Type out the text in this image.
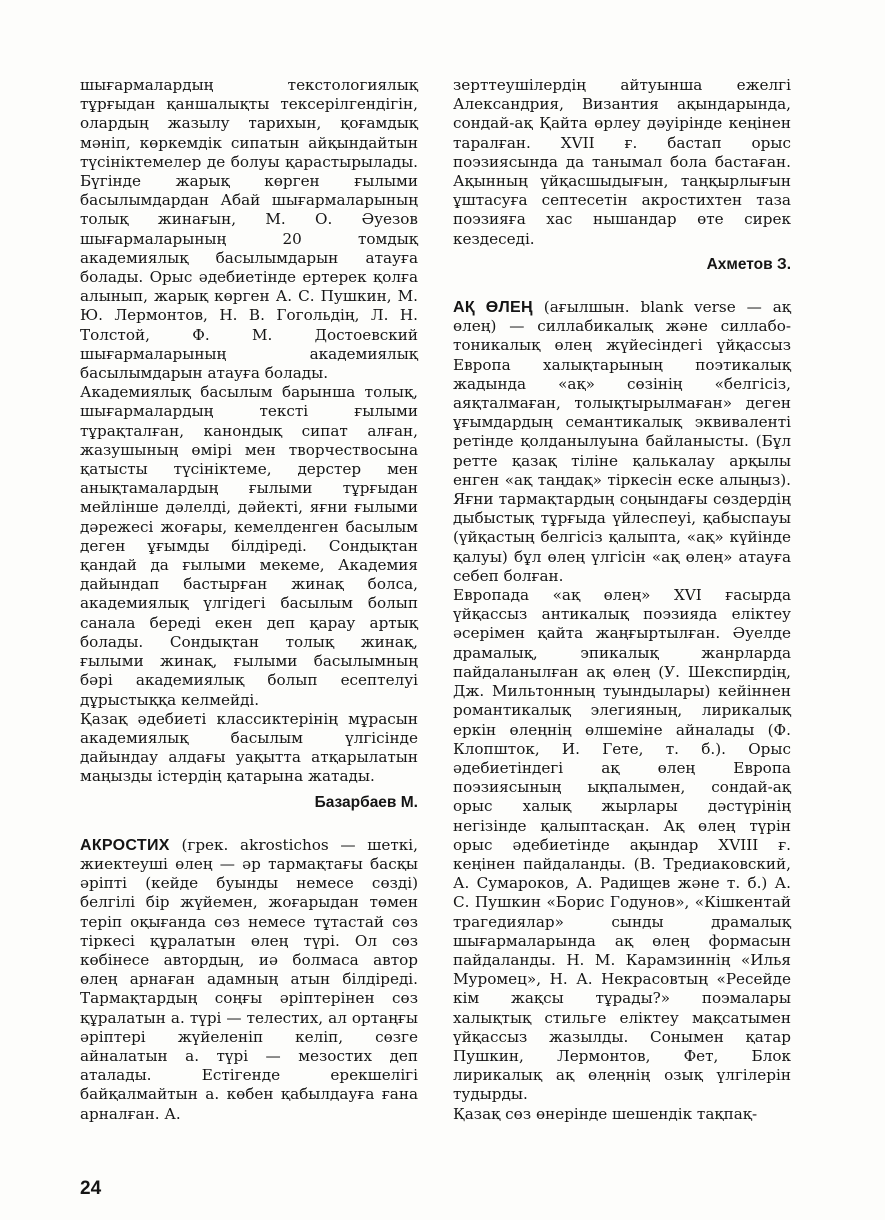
шығармалардың текстологиялық тұрғыдан қаншалықты тексерілгендігін, олардың жазылу тарихын, қоғамдық мәніп, көркемдік сипатын айқындайтын түсініктемелер де болуы қарастырылады. Бүгінде жарық көрген ғылыми басылымдардан Абай шығармаларының толық жинағын, М. О. Әуезов шығармаларының 20 томдық академиялық басылымдарын атауға болады. Орыс әдебиетінде ертерек қолға алынып, жарық көрген А. С. Пушкин, М. Ю. Лермонтов, Н. В. Гогольдің, Л. Н. Толстой, Ф. М. Достоевский шығармаларының академиялық басылымдарын атауға болады.

Академиялық басылым барынша толық, шығармалардың тексті ғылыми тұрақталған, канондық сипат алған, жазушының өмірі мен творчествосына қатысты түсініктеме, дерстер мен анықтамалардың ғылыми тұрғыдан мейлінше дәлелді, дәйекті, яғни ғылыми дәрежесі жоғары, кемелденген басылым деген ұғымды білдіреді. Сондықтан қандай да ғылыми мекеме, Академия дайындап бастырған жинақ болса, академиялық үлгідегі басылым болып санала береді екен деп қарау артық болады. Сондықтан толық жинақ, ғылыми жинақ, ғылыми басылымның бәрі академиялық болып есептелуі дұрыстыққа келмейді.

Қазақ әдебиеті классиктерінің мұрасын академиялық басылым үлгісінде дайындау алдағы уақытта атқарылатын маңызды істердің қатарына жатады.

Базарбаев М.

АКРОСТИХ (грек. akrostichos — шеткі, жиектеуші өлең — әр тармақтағы басқы әріпті (кейде буынды немесе сөзді) белгілі бір жүйемен, жоғарыдан төмен теріп оқығанда сөз немесе тұтастай сөз тіркесі құралатын өлең түрі. Ол сөз көбінесе автордың, иә болмаса автор өлең арнаған адамның атын білдіреді. Тармақтардың соңғы әріптерінен сөз құралатын а. түрі — телестих, ал ортаңғы әріптері жүйеленіп келіп, сөзге айналатын а. түрі — мезостих деп аталады. Естігенде ерекшелігі байқалмайтын а. көбен қабылдауға ғана арналған. А.

зерттеушілердің айтуынша ежелгі Александрия, Византия ақындарында, сондай-ақ Қайта өрлеу дәуірінде кеңінен таралған. XVII ғ. бастап орыс поэзиясында да танымал бола бастаған. Ақынның үйқасшыдығын, таңқырлығын ұштасуға септесетін акростихтен таза поэзияға хас нышандар өте сирек кездеседі.

Ахметов З.

АҚ ӨЛЕҢ (ағылшын. blank verse — ақ өлең) — силлабикалық және силлабо-тоникалық өлең жүйесіндегі үйқассыз Европа халықтарының поэтикалық жадында «ақ» сөзінің «белгісіз, аяқталмаған, толықтырылмаған» деген ұғымдардың семантикалық эквиваленті ретінде қолданылуына байланысты. (Бұл ретте қазақ тіліне қалькалау арқылы енген «ақ таңдақ» тіркесін еске алыңыз). Яғни тармақтардың соңындағы сөздердің дыбыстық тұрғыда үйлеспеуі, қабыспауы (үйқастың белгісіз қалыпта, «ақ» күйінде қалуы) бұл өлең үлгісін «ақ өлең» атауға себеп болған.

Европада «ақ өлең» XVI ғасырда үйқассыз антикалық поэзияда еліктеу әсерімен қайта жаңғыртылған. Әуелде драмалық, эпикалық жанрларда пайдаланылған ақ өлең (У. Шекспирдің, Дж. Мильтонның туындылары) кейіннен романтикалық элегияның, лирикалық еркін өлеңнің өлшеміне айналады (Ф. Клопшток, И. Гете, т. б.). Орыс әдебиетіндегі ақ өлең Европа поэзиясының ықпалымен, сондай-ақ орыс халық жырлары дәстүрінің негізінде қалыптасқан. Ақ өлең түрін орыс әдебиетінде ақындар XVIII ғ. кеңінен пайдаланды. (В. Тредиаковский, А. Сумароков, А. Радищев және т. б.) А. С. Пушкин «Борис Годунов», «Кішкентай трагедиялар» сынды драмалық шығармаларында ақ өлең формасын пайдаланды. Н. М. Карамзиннің «Илья Муромец», Н. А. Некрасовтың «Ресейде кім жақсы тұрады?» поэмалары халықтық стильге еліктеу мақсатымен үйқассыз жазылды. Сонымен қатар Пушкин, Лермонтов, Фет, Блок лирикалық ақ өлеңнің озық үлгілерін тудырды.

Қазақ сөз өнерінде шешендік тақпақ-

24
